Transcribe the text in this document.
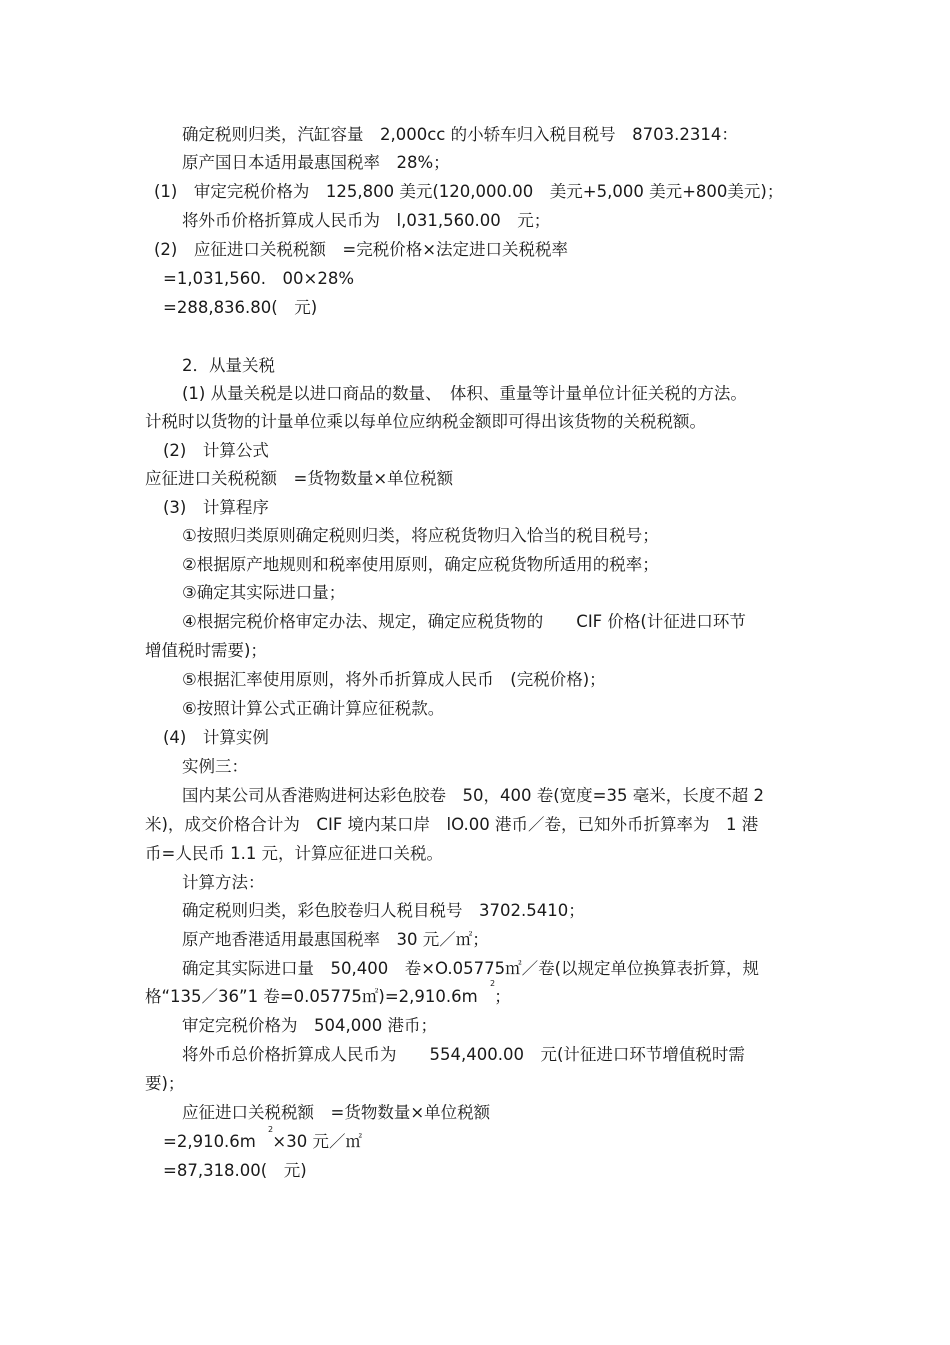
确定税则归类，汽缸容量　2,000cc 的小轿车归入税目税号　8703.2314：
原产国日本适用最惠国税率　28%；
(1)　审定完税价格为　125,800 美元(120,000.00　美元+5,000 美元+800美元)；
将外币价格折算成人民币为　l,031,560.00　元；
(2)　应征进口关税税额　=完税价格×法定进口关税税率
=1,031,560.　00×28%
=288,836.80(　元)
2．从量关税
(1) 从量关税是以进口商品的数量、　体积、重量等计量单位计征关税的方法。
计税时以货物的计量单位乘以每单位应纳税金额即可得出该货物的关税税额。
(2)　计算公式
应征进口关税税额　=货物数量×单位税额
(3)　计算程序
①按照归类原则确定税则归类，将应税货物归入恰当的税目税号；
②根据原产地规则和税率使用原则，确定应税货物所适用的税率；
③确定其实际进口量；
④根据完税价格审定办法、规定，确定应税货物的　　CIF 价格(计征进口环节
增值税时需要)；
⑤根据汇率使用原则，将外币折算成人民币　(完税价格)；
⑥按照计算公式正确计算应征税款。
(4)　计算实例
实例三：
国内某公司从香港购进柯达彩色胶卷　50，400 卷(宽度=35 毫米，长度不超 2
米)，成交价格合计为　CIF 境内某口岸　lO.00 港币／卷，已知外币折算率为　1 港
币=人民币 1.1 元，计算应征进口关税。
计算方法：
确定税则归类，彩色胶卷归人税目税号　3702.5410；
原产地香港适用最惠国税率　30 元／㎡；
确定其实际进口量　50,400　卷×O.05775㎡／卷(以规定单位换算表折算，规
格“135／36”1 卷=0.05775㎡)=2,910.6m　；
2
审定完税价格为　504,000 港币；
将外币总价格折算成人民币为　　554,400.00　元(计征进口环节增值税时需
要)；
应征进口关税税额　=货物数量×单位税额
=2,910.6m　×30 元／㎡
2
=87,318.00(　元)
